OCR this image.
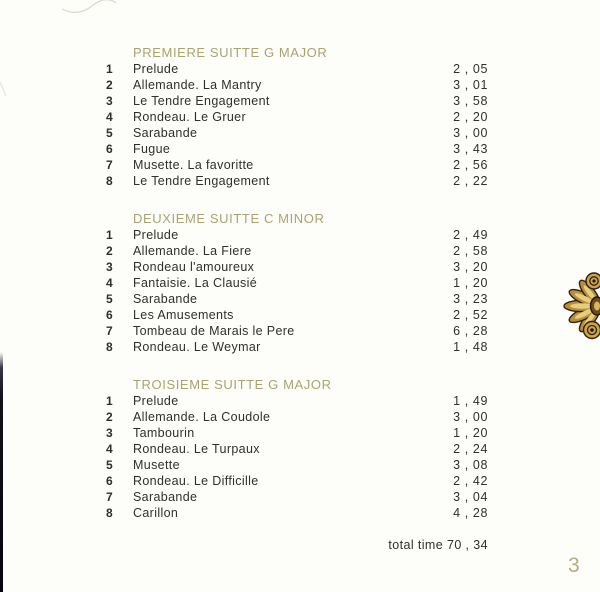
PREMIERE SUITTE G MAJOR
1	Prelude	2 , 05
2	Allemande. La Mantry	3 , 01
3	Le Tendre Engagement	3 , 58
4	Rondeau. Le Gruer	2 , 20
5	Sarabande	3 , 00
6	Fugue	3 , 43
7	Musette. La favoritte	2 , 56
8	Le Tendre Engagement	2 , 22
DEUXIEME SUITTE C MINOR
1	Prelude	2 , 49
2	Allemande. La Fiere	2 , 58
3	Rondeau l'amoureux	3 , 20
4	Fantaisie. La Clausié	1 , 20
5	Sarabande	3 , 23
6	Les Amusements	2 , 52
7	Tombeau de Marais le Pere	6 , 28
8	Rondeau. Le Weymar	1 , 48
TROISIEME SUITTE G MAJOR
1	Prelude	1 , 49
2	Allemande. La Coudole	3 , 00
3	Tambourin	1 , 20
4	Rondeau. Le Turpaux	2 , 24
5	Musette	3 , 08
6	Rondeau. Le Difficille	2 , 42
7	Sarabande	3 , 04
8	Carillon	4 , 28
total time 70 , 34
3
